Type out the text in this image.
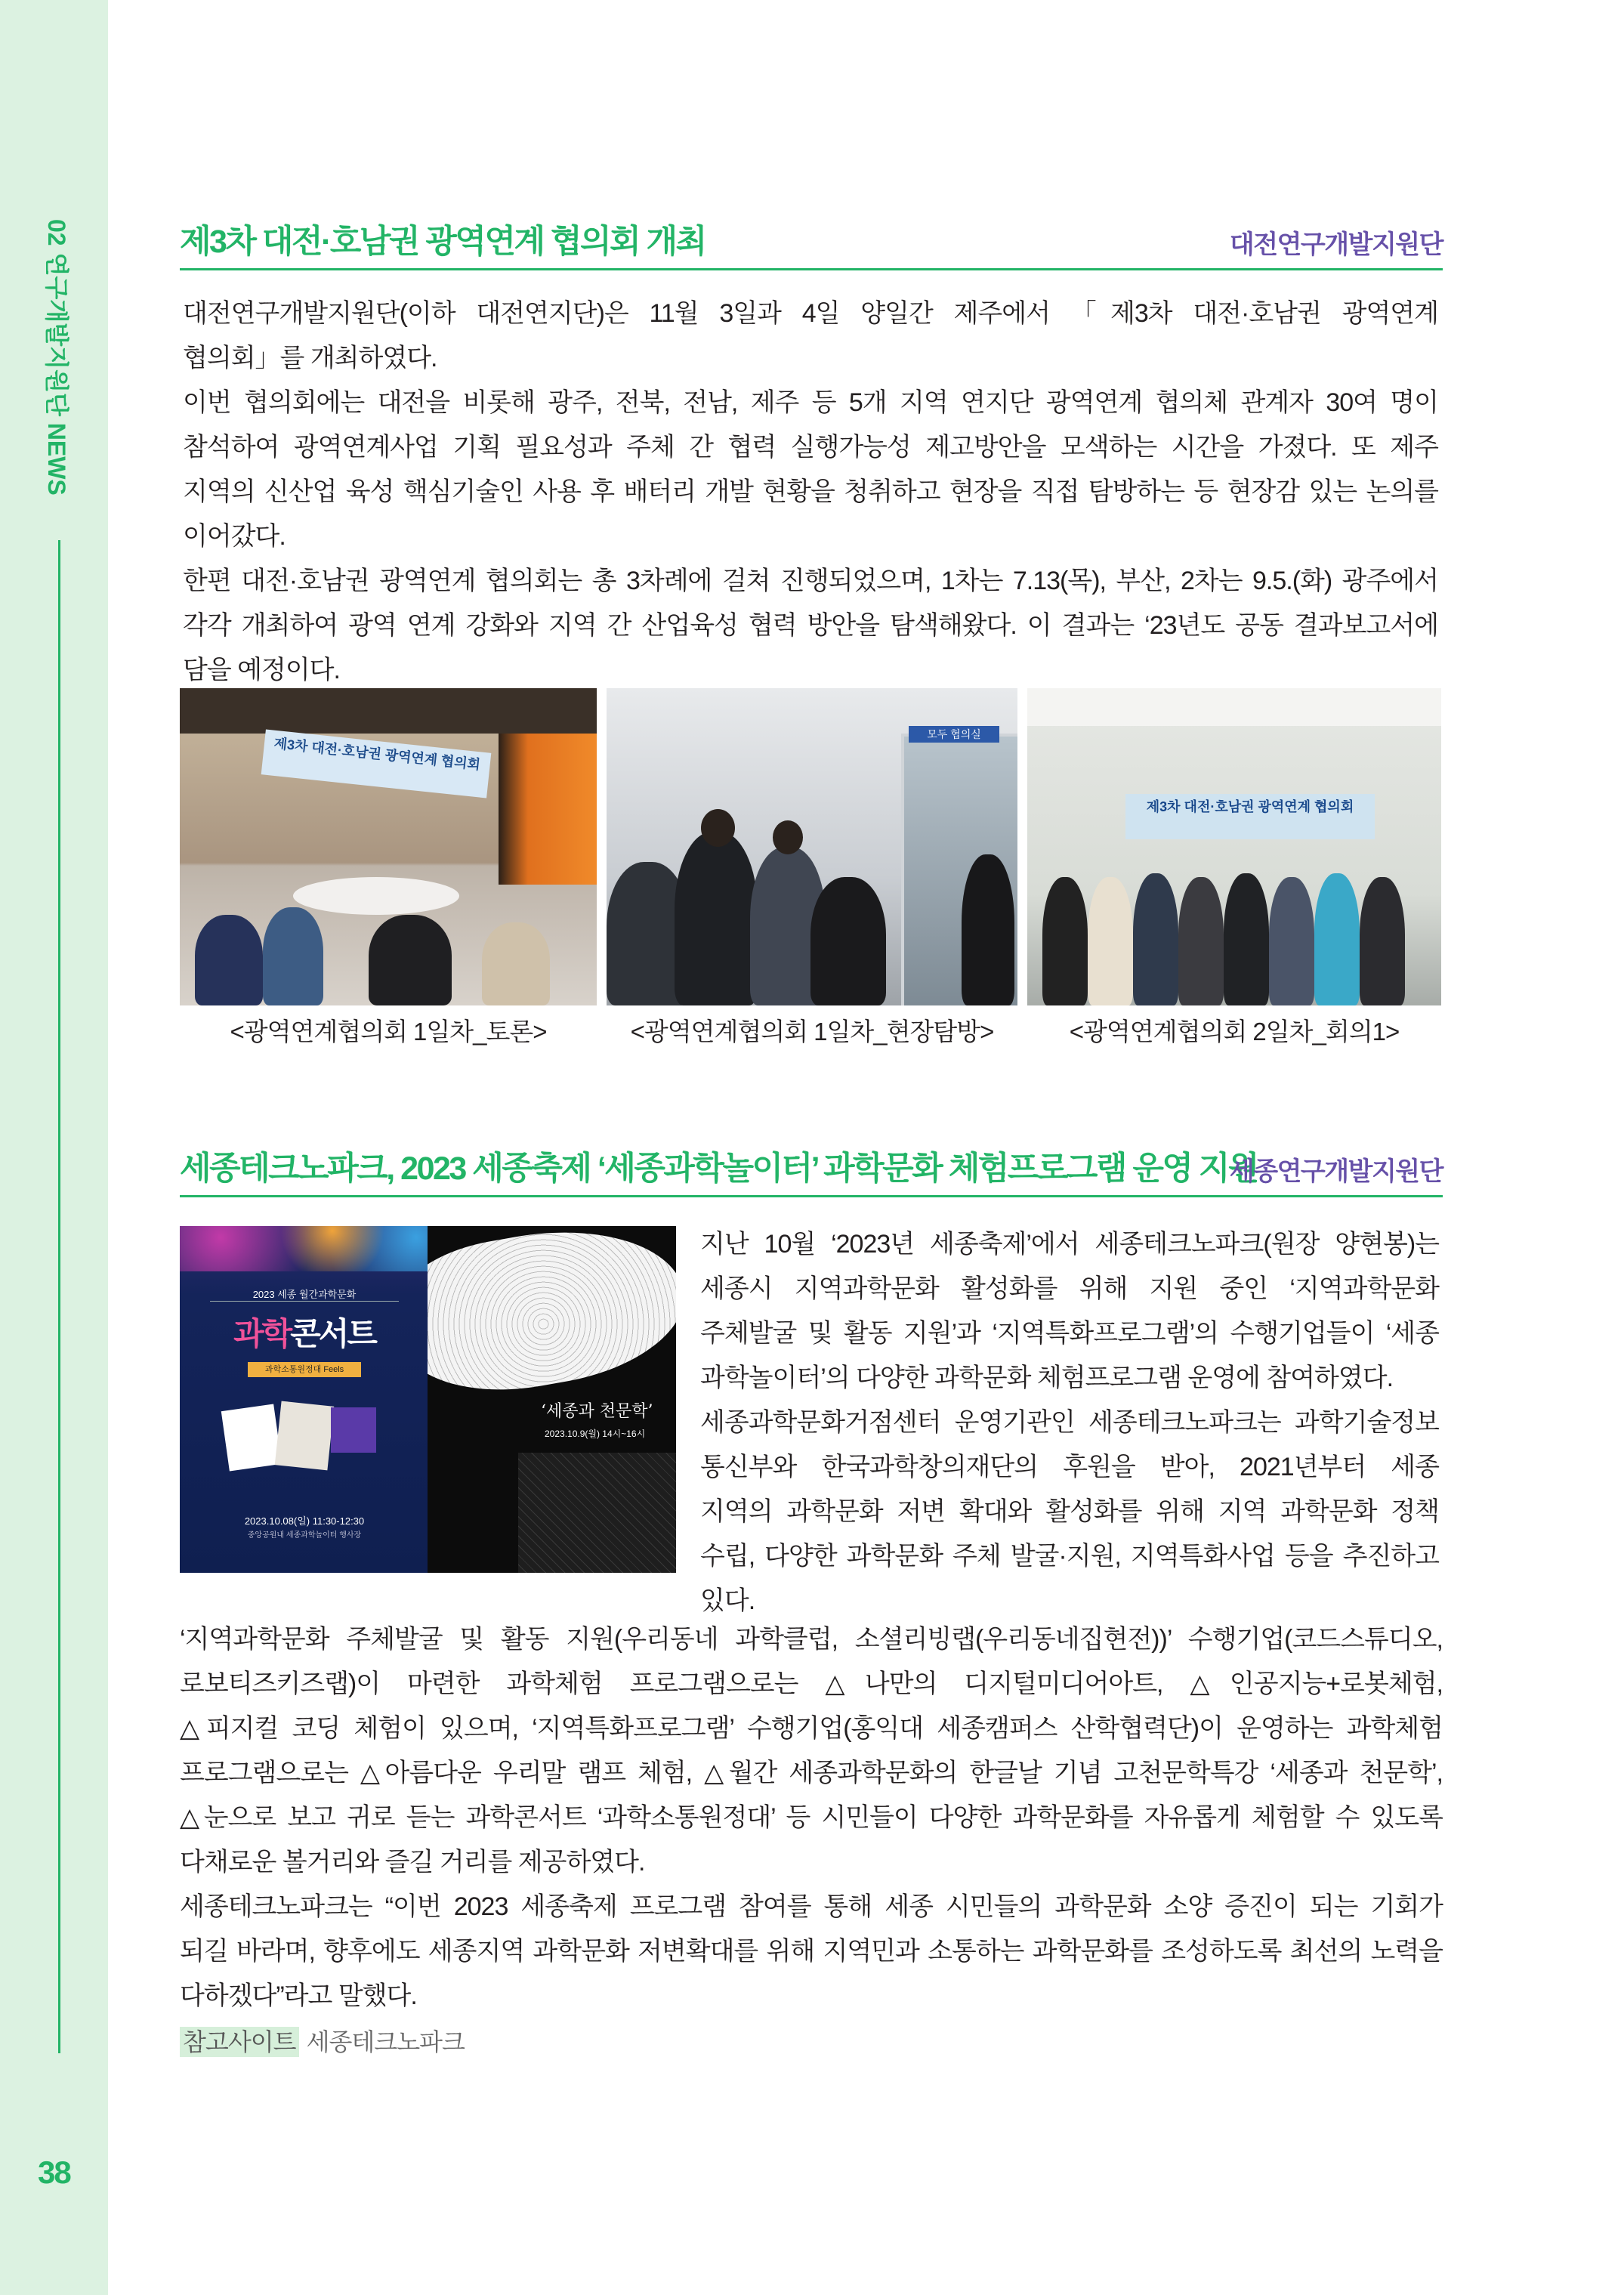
02 연구개발지원단 NEWS
38
제3차 대전·호남권 광역연계 협의회 개최	대전연구개발지원단
대전연구개발지원단(이하 대전연지단)은 11월 3일과 4일 양일간 제주에서 「제3차 대전·호남권 광역연계
협의회」를 개최하였다.
이번 협의회에는 대전을 비롯해 광주, 전북, 전남, 제주 등 5개 지역 연지단 광역연계 협의체 관계자 30여 명이
참석하여 광역연계사업 기획 필요성과 주체 간 협력 실행가능성 제고방안을 모색하는 시간을 가졌다. 또 제주
지역의 신산업 육성 핵심기술인 사용 후 배터리 개발 현황을 청취하고 현장을 직접 탐방하는 등 현장감 있는 논의를
이어갔다.
한편 대전·호남권 광역연계 협의회는 총 3차례에 걸쳐 진행되었으며, 1차는 7.13(목), 부산, 2차는 9.5.(화) 광주에서
각각 개최하여 광역 연계 강화와 지역 간 산업육성 협력 방안을 탐색해왔다. 이 결과는 ‘23년도 공동 결과보고서에
담을 예정이다.
제3차 대전·호남권 광역연계 협의회
모두 협의실
제3차 대전·호남권 광역연계 협의회
<광역연계협의회 1일차_토론>	<광역연계협의회 1일차_현장탐방>	<광역연계협의회 2일차_회의1>
세종테크노파크, 2023 세종축제 ‘세종과학놀이터’ 과학문화 체험프로그램 운영 지원
세종연구개발지원단
2023 세종 월간과학문화
과학콘서트
과학소통원정대 Feels
2023.10.08(일) 11:30-12:30
중앙공원내 세종과학놀이터 행사장
‘세종과 천문학’
2023.10.9(월) 14시~16시
지난 10월 ‘2023년 세종축제’에서 세종테크노파크(원장 양현봉)는
세종시 지역과학문화 활성화를 위해 지원 중인 ‘지역과학문화
주체발굴 및 활동 지원’과 ‘지역특화프로그램’의 수행기업들이 ‘세종
과학놀이터’의 다양한 과학문화 체험프로그램 운영에 참여하였다.
세종과학문화거점센터 운영기관인 세종테크노파크는 과학기술정보
통신부와 한국과학창의재단의 후원을 받아, 2021년부터 세종
지역의 과학문화 저변 확대와 활성화를 위해 지역 과학문화 정책
수립, 다양한 과학문화 주체 발굴·지원, 지역특화사업 등을 추진하고
있다.
‘지역과학문화 주체발굴 및 활동 지원(우리동네 과학클럽, 소셜리빙랩(우리동네집현전))’ 수행기업(코드스튜디오,
로보티즈키즈랩)이 마련한 과학체험 프로그램으로는 △나만의 디지털미디어아트, △인공지능+로봇체험,
△피지컬 코딩 체험이 있으며, ‘지역특화프로그램’ 수행기업(홍익대 세종캠퍼스 산학협력단)이 운영하는 과학체험
프로그램으로는 △아름다운 우리말 램프 체험, △월간 세종과학문화의 한글날 기념 고천문학특강 ‘세종과 천문학’,
△눈으로 보고 귀로 듣는 과학콘서트 ‘과학소통원정대’ 등 시민들이 다양한 과학문화를 자유롭게 체험할 수 있도록
다채로운 볼거리와 즐길 거리를 제공하였다.
세종테크노파크는 “이번 2023 세종축제 프로그램 참여를 통해 세종 시민들의 과학문화 소양 증진이 되는 기회가
되길 바라며, 향후에도 세종지역 과학문화 저변확대를 위해 지역민과 소통하는 과학문화를 조성하도록 최선의 노력을
다하겠다”라고 말했다.
참고사이트 세종테크노파크
